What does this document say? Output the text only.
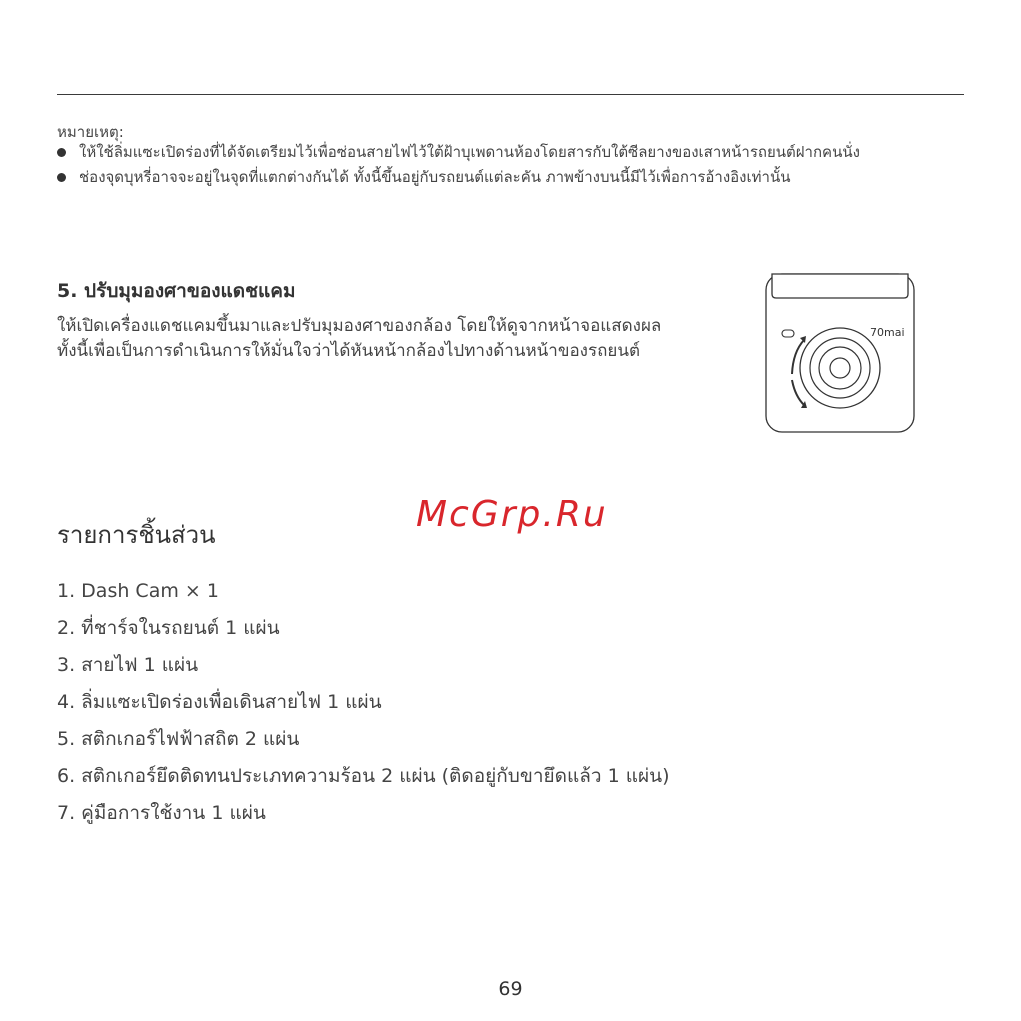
หมายเหตุ:
ให้ใช้ลิ่มแซะเปิดร่องที่ได้จัดเตรียมไว้เพื่อซ่อนสายไฟไว้ใต้ฝ้าบุเพดานห้องโดยสารกับใต้ซีลยางของเสาหน้ารถยนต์ฝากคนนั่ง
ช่องจุดบุหรี่อาจจะอยู่ในจุดที่แตกต่างกันได้ ทั้งนี้ขึ้นอยู่กับรถยนต์แต่ละคัน ภาพข้างบนนี้มีไว้เพื่อการอ้างอิงเท่านั้น
5. ปรับมุมองศาของแดชแคม
ให้เปิดเครื่องแดชแคมขึ้นมาและปรับมุมองศาของกล้อง โดยให้ดูจากหน้าจอแสดงผล ทั้งนี้เพื่อเป็นการดำเนินการให้มั่นใจว่าได้หันหน้ากล้องไปทางด้านหน้าของรถยนต์
70mai
McGrp.Ru
รายการชิ้นส่วน
1. Dash Cam × 1
2. ที่ชาร์จในรถยนต์ 1 แผ่น
3. สายไฟ 1 แผ่น
4. ลิ่มแซะเปิดร่องเพื่อเดินสายไฟ 1 แผ่น
5. สติกเกอร์ไฟฟ้าสถิต 2 แผ่น
6. สติกเกอร์ยึดติดทนประเภทความร้อน 2 แผ่น (ติดอยู่กับขายึดแล้ว 1 แผ่น)
7. คู่มือการใช้งาน 1 แผ่น
69
